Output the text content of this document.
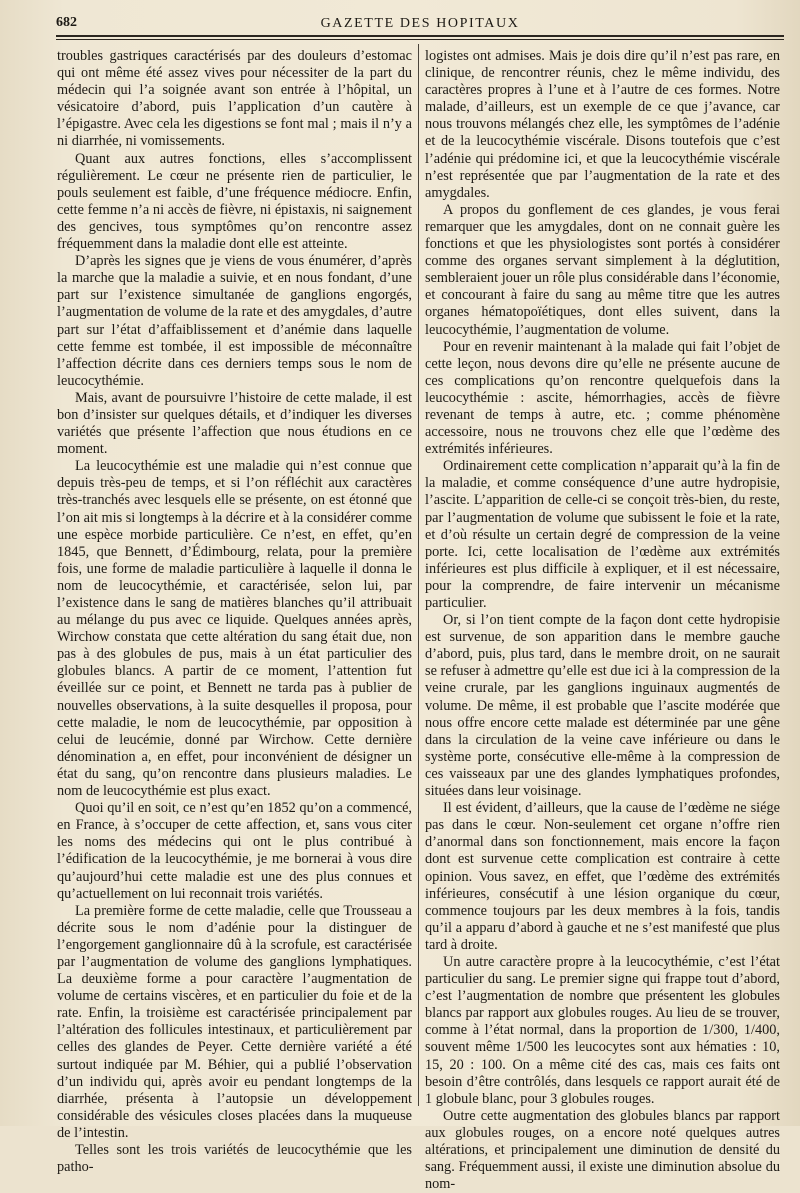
682	GAZETTE DES HOPITAUX

troubles gastriques caractérisés par des douleurs d’estomac qui ont même été assez vives pour nécessiter de la part du médecin qui l’a soignée avant son entrée à l’hôpital, un vésicatoire d’abord, puis l’application d’un cautère à l’épigastre. Avec cela les digestions se font mal ; mais il n’y a ni diarrhée, ni vomissements.

Quant aux autres fonctions, elles s’accomplissent régulièrement. Le cœur ne présente rien de particulier, le pouls seulement est faible, d’une fréquence médiocre. Enfin, cette femme n’a ni accès de fièvre, ni épistaxis, ni saignement des gencives, tous symptômes qu’on rencontre assez fréquemment dans la maladie dont elle est atteinte.

D’après les signes que je viens de vous énumérer, d’après la marche que la maladie a suivie, et en nous fondant, d’une part sur l’existence simultanée de ganglions engorgés, l’augmentation de volume de la rate et des amygdales, d’autre part sur l’état d’affaiblissement et d’anémie dans laquelle cette femme est tombée, il est impossible de méconnaître l’affection décrite dans ces derniers temps sous le nom de leucocythémie.

Mais, avant de poursuivre l’histoire de cette malade, il est bon d’insister sur quelques détails, et d’indiquer les diverses variétés que présente l’affection que nous étudions en ce moment.

La leucocythémie est une maladie qui n’est connue que depuis très-peu de temps, et si l’on réfléchit aux caractères très-tranchés avec lesquels elle se présente, on est étonné que l’on ait mis si longtemps à la décrire et à la considérer comme une espèce morbide particulière. Ce n’est, en effet, qu’en 1845, que Bennett, d’Édimbourg, relata, pour la première fois, une forme de maladie particulière à laquelle il donna le nom de leucocythémie, et caractérisée, selon lui, par l’existence dans le sang de matières blanches qu’il attribuait au mélange du pus avec ce liquide. Quelques années après, Wirchow constata que cette altération du sang était due, non pas à des globules de pus, mais à un état particulier des globules blancs. A partir de ce moment, l’attention fut éveillée sur ce point, et Bennett ne tarda pas à publier de nouvelles observations, à la suite desquelles il proposa, pour cette maladie, le nom de leucocythémie, par opposition à celui de leucémie, donné par Wirchow. Cette dernière dénomination a, en effet, pour inconvénient de désigner un état du sang, qu’on rencontre dans plusieurs maladies. Le nom de leucocythémie est plus exact.

Quoi qu’il en soit, ce n’est qu’en 1852 qu’on a commencé, en France, à s’occuper de cette affection, et, sans vous citer les noms des médecins qui ont le plus contribué à l’édification de la leucocythémie, je me bornerai à vous dire qu’aujourd’hui cette maladie est une des plus connues et qu’actuellement on lui reconnait trois variétés.

La première forme de cette maladie, celle que Trousseau a décrite sous le nom d’adénie pour la distinguer de l’engorgement ganglionnaire dû à la scrofule, est caractérisée par l’augmentation de volume des ganglions lymphatiques. La deuxième forme a pour caractère l’augmentation de volume de certains viscères, et en particulier du foie et de la rate. Enfin, la troisième est caractérisée principalement par l’altération des follicules intestinaux, et particulièrement par celles des glandes de Peyer. Cette dernière variété a été surtout indiquée par M. Béhier, qui a publié l’observation d’un individu qui, après avoir eu pendant longtemps de la diarrhée, présenta à l’autopsie un développement considérable des vésicules closes placées dans la muqueuse de l’intestin.

Telles sont les trois variétés de leucocythémie que les patho-

logistes ont admises. Mais je dois dire qu’il n’est pas rare, en clinique, de rencontrer réunis, chez le même individu, des caractères propres à l’une et à l’autre de ces formes. Notre malade, d’ailleurs, est un exemple de ce que j’avance, car nous trouvons mélangés chez elle, les symptômes de l’adénie et de la leucocythémie viscérale. Disons toutefois que c’est l’adénie qui prédomine ici, et que la leucocythémie viscérale n’est représentée que par l’augmentation de la rate et des amygdales.

A propos du gonflement de ces glandes, je vous ferai remarquer que les amygdales, dont on ne connait guère les fonctions et que les physiologistes sont portés à considérer comme des organes servant simplement à la déglutition, sembleraient jouer un rôle plus considérable dans l’économie, et concourant à faire du sang au même titre que les autres organes hématopoïétiques, dont elles suivent, dans la leucocythémie, l’augmentation de volume.

Pour en revenir maintenant à la malade qui fait l’objet de cette leçon, nous devons dire qu’elle ne présente aucune de ces complications qu’on rencontre quelquefois dans la leucocythémie : ascite, hémorrhagies, accès de fièvre revenant de temps à autre, etc. ; comme phénomène accessoire, nous ne trouvons chez elle que l’œdème des extrémités inférieures.

Ordinairement cette complication n’apparait qu’à la fin de la maladie, et comme conséquence d’une autre hydropisie, l’ascite. L’apparition de celle-ci se conçoit très-bien, du reste, par l’augmentation de volume que subissent le foie et la rate, et d’où résulte un certain degré de compression de la veine porte. Ici, cette localisation de l’œdème aux extrémités inférieures est plus difficile à expliquer, et il est nécessaire, pour la comprendre, de faire intervenir un mécanisme particulier.

Or, si l’on tient compte de la façon dont cette hydropisie est survenue, de son apparition dans le membre gauche d’abord, puis, plus tard, dans le membre droit, on ne saurait se refuser à admettre qu’elle est due ici à la compression de la veine crurale, par les ganglions inguinaux augmentés de volume. De même, il est probable que l’ascite modérée que nous offre encore cette malade est déterminée par une gêne dans la circulation de la veine cave inférieure ou dans le système porte, consécutive elle-même à la compression de ces vaisseaux par une des glandes lymphatiques profondes, situées dans leur voisinage.

Il est évident, d’ailleurs, que la cause de l’œdème ne siége pas dans le cœur. Non-seulement cet organe n’offre rien d’anormal dans son fonctionnement, mais encore la façon dont est survenue cette complication est contraire à cette opinion. Vous savez, en effet, que l’œdème des extrémités inférieures, consécutif à une lésion organique du cœur, commence toujours par les deux membres à la fois, tandis qu’il a apparu d’abord à gauche et ne s’est manifesté que plus tard à droite.

Un autre caractère propre à la leucocythémie, c’est l’état particulier du sang. Le premier signe qui frappe tout d’abord, c’est l’augmentation de nombre que présentent les globules blancs par rapport aux globules rouges. Au lieu de se trouver, comme à l’état normal, dans la proportion de 1/300, 1/400, souvent même 1/500 les leucocytes sont aux hématies : 10, 15, 20 : 100. On a même cité des cas, mais ces faits ont besoin d’être contrôlés, dans lesquels ce rapport aurait été de 1 globule blanc, pour 3 globules rouges.

Outre cette augmentation des globules blancs par rapport aux globules rouges, on a encore noté quelques autres altérations, et principalement une diminution de densité du sang. Fréquemment aussi, il existe une diminution absolue du nom-
